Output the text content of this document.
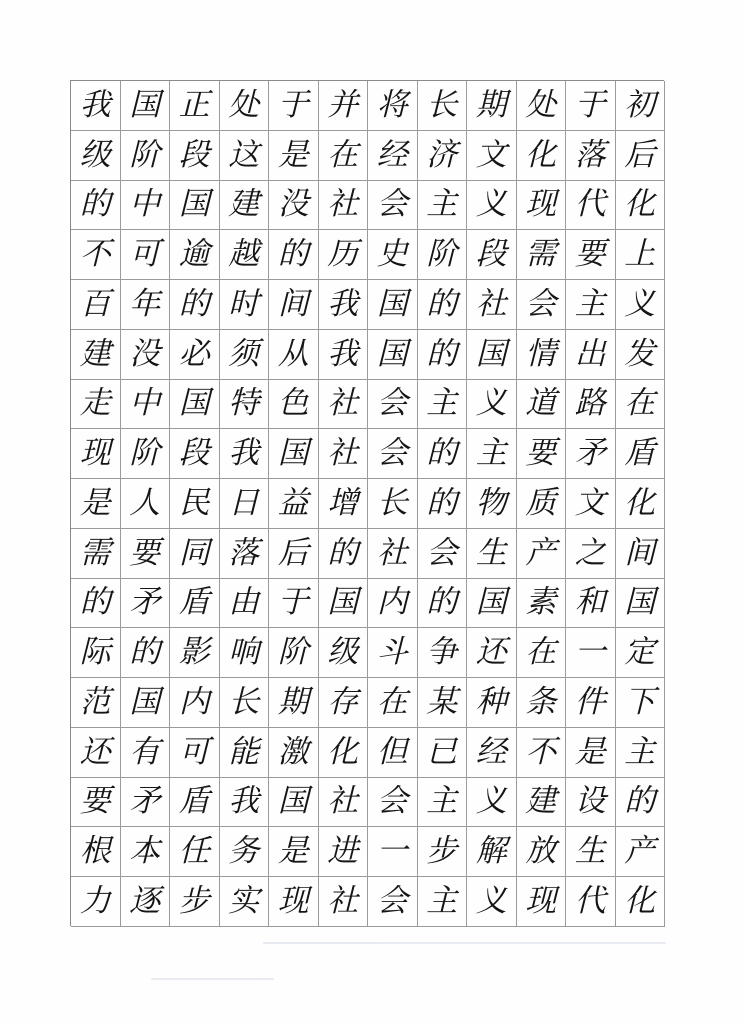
我 国 正 处 于 并 将 长 期 处 于 初
级 阶 段 这 是 在 经 济 文 化 落 后
的 中 国 建 没 社 会 主 义 现 代 化
不 可 逾 越 的 历 史 阶 段 需 要 上
百 年 的 时 间 我 国 的 社 会 主 义
建 没 必 须 从 我 国 的 国 情 出 发
走 中 国 特 色 社 会 主 义 道 路 在
现 阶 段 我 国 社 会 的 主 要 矛 盾
是 人 民 日 益 增 长 的 物 质 文 化
需 要 同 落 后 的 社 会 生 产 之 间
的 矛 盾 由 于 国 内 的 国 素 和 国
际 的 影 响 阶 级 斗 争 还 在 一 定
范 国 内 长 期 存 在 某 种 条 件 下
还 有 可 能 激 化 但 已 经 不 是 主
要 矛 盾 我 国 社 会 主 义 建 设 的
根 本 任 务 是 进 一 步 解 放 生 产
力 逐 步 实 现 社 会 主 义 现 代 化
